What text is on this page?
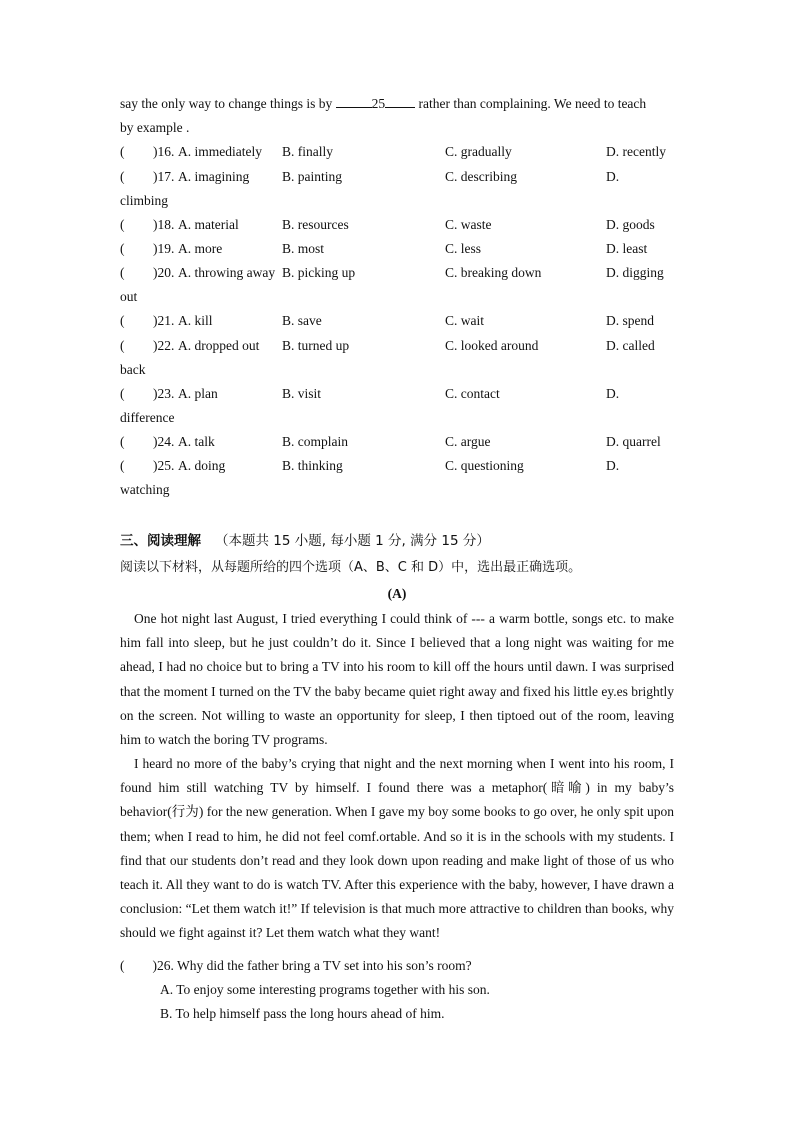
say the only way to change things is by	25 rather than complaining. We need to teach
by example .
( )16. A. immediately B. finally	C. gradually	D. recently
( )17. A. imagining B. painting	C. describing	D.
climbing
( )18. A. material	B. resources	C. waste	D. goods
( )19. A. more	B. most	C. less	D. least
( )20. A. throwing away B. picking up	C. breaking down	D. digging
out
( )21. A. kill	B. save	C. wait	D. spend
( )22. A. dropped out B. turned up	C. looked around	D. called
back
( )23. A. plan	B. visit	C. contact	D.
difference
( )24. A. talk	B. complain	C. argue	D. quarrel
( )25. A. doing	B. thinking	C. questioning	D.
watching
三、阅读理解 （本题共 15 小题, 每小题 1 分, 满分 15 分）
阅读以下材料，从每题所给的四个选项（A、B、C 和 D）中，选出最正确选项。
(A)

One hot night last August, I tried everything I could think of --- a warm bottle, songs etc. to make him fall into sleep, but he just couldn’t do it. Since I believed that a long night was waiting for me ahead, I had no choice but to bring a TV into his room to kill off the hours until dawn. I was surprised that the moment I turned on the TV the baby became quiet right away and fixed his little ey.es brightly on the screen. Not willing to waste an opportunity for sleep, I then tiptoed out of the room, leaving him to watch the boring TV programs.

I heard no more of the baby’s crying that night and the next morning when I went into his room, I found him still watching TV by himself. I found there was a metaphor(暗喻) in my baby’s behavior(行为) for the new generation. When I gave my boy some books to go over, he only spit upon them; when I read to him, he did not feel comf.ortable. And so it is in the schools with my students. I find that our students don’t read and they look down upon reading and make light of those of us who teach it. All they want to do is watch TV. After this experience with the baby, however, I have drawn a conclusion: “Let them watch it!” If television is that much more attractive to children than books, why should we fight against it? Let them watch what they want!

( )26. Why did the father bring a TV set into his son’s room?
A. To enjoy some interesting programs together with his son.
B. To help himself pass the long hours ahead of him.
